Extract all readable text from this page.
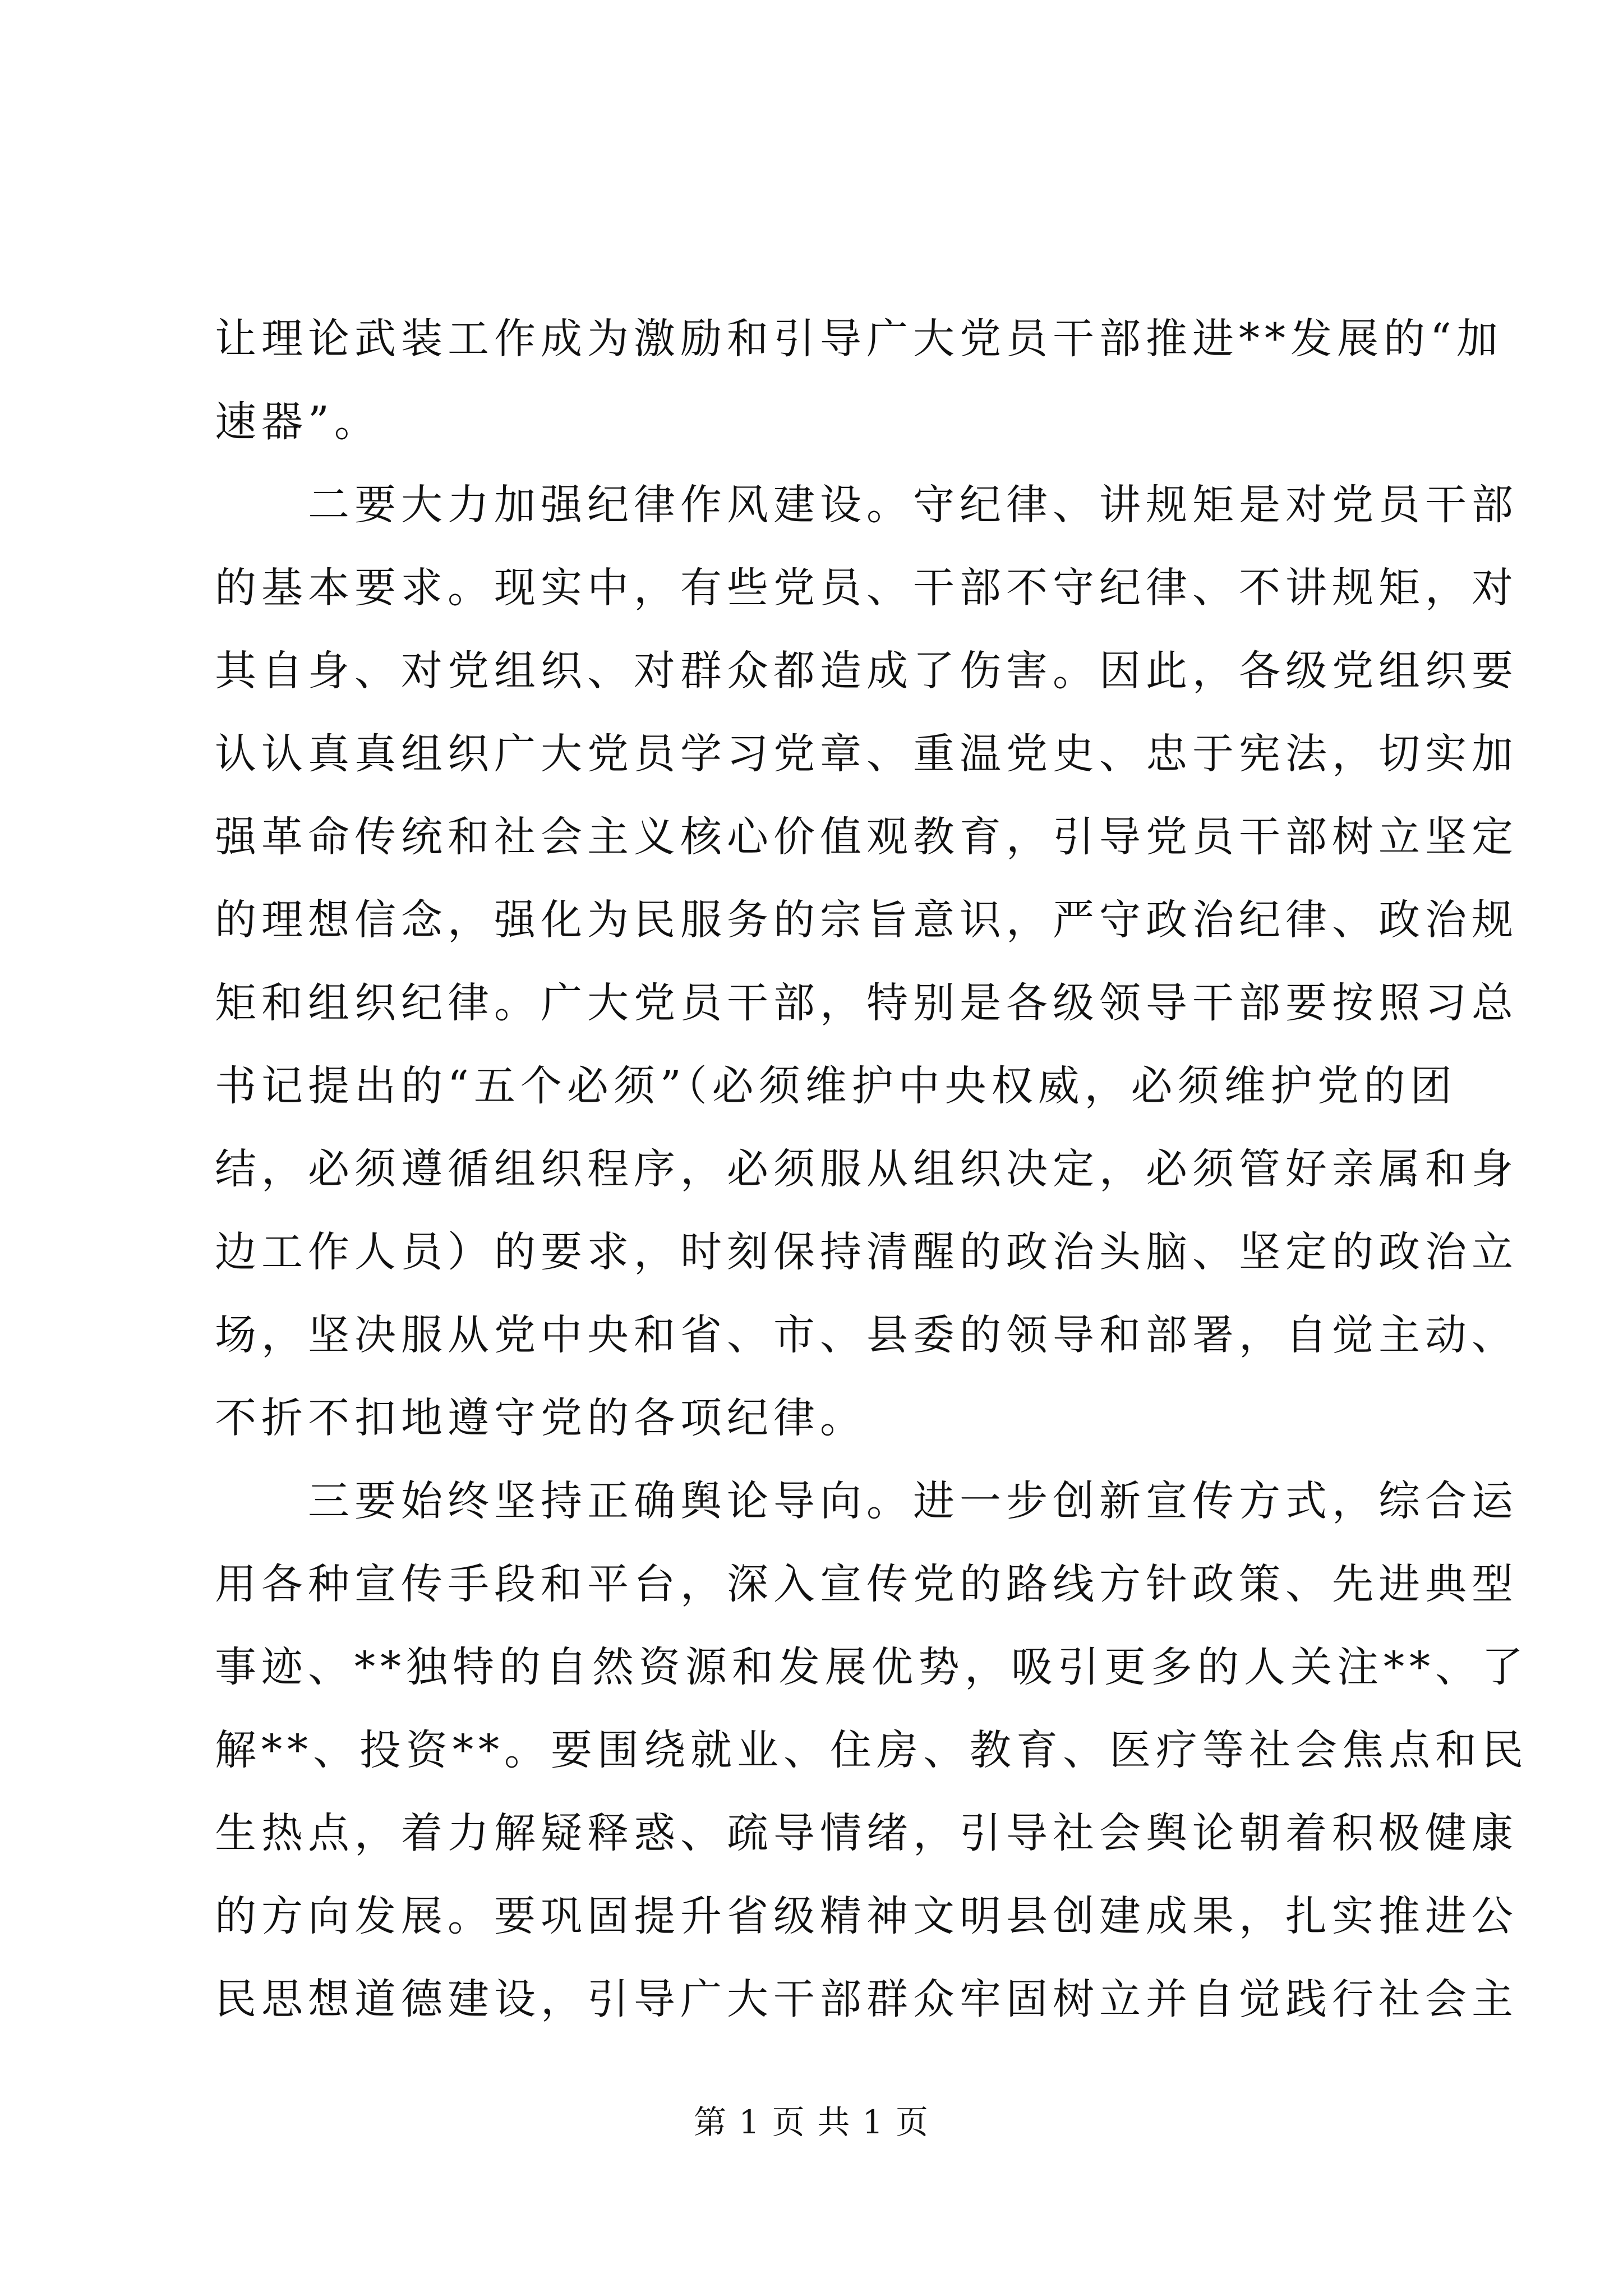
让理论武装工作成为激励和引导广大党员干部推进**发展的“加
速器”。
二要大力加强纪律作风建设。守纪律、讲规矩是对党员干部
的基本要求。现实中，有些党员、干部不守纪律、不讲规矩，对
其自身、对党组织、对群众都造成了伤害。因此，各级党组织要
认认真真组织广大党员学习党章、重温党史、忠于宪法，切实加
强革命传统和社会主义核心价值观教育，引导党员干部树立坚定
的理想信念，强化为民服务的宗旨意识，严守政治纪律、政治规
矩和组织纪律。广大党员干部，特别是各级领导干部要按照习总
书记提出的“五个必须”（必须维护中央权威，必须维护党的团
结，必须遵循组织程序，必须服从组织决定，必须管好亲属和身
边工作人员）的要求，时刻保持清醒的政治头脑、坚定的政治立
场，坚决服从党中央和省、市、县委的领导和部署，自觉主动、
不折不扣地遵守党的各项纪律。
三要始终坚持正确舆论导向。进一步创新宣传方式，综合运
用各种宣传手段和平台，深入宣传党的路线方针政策、先进典型
事迹、**独特的自然资源和发展优势，吸引更多的人关注**、了
解**、投资**。要围绕就业、住房、教育、医疗等社会焦点和民
生热点，着力解疑释惑、疏导情绪，引导社会舆论朝着积极健康
的方向发展。要巩固提升省级精神文明县创建成果，扎实推进公
民思想道德建设，引导广大干部群众牢固树立并自觉践行社会主
第 1 页 共 1 页
